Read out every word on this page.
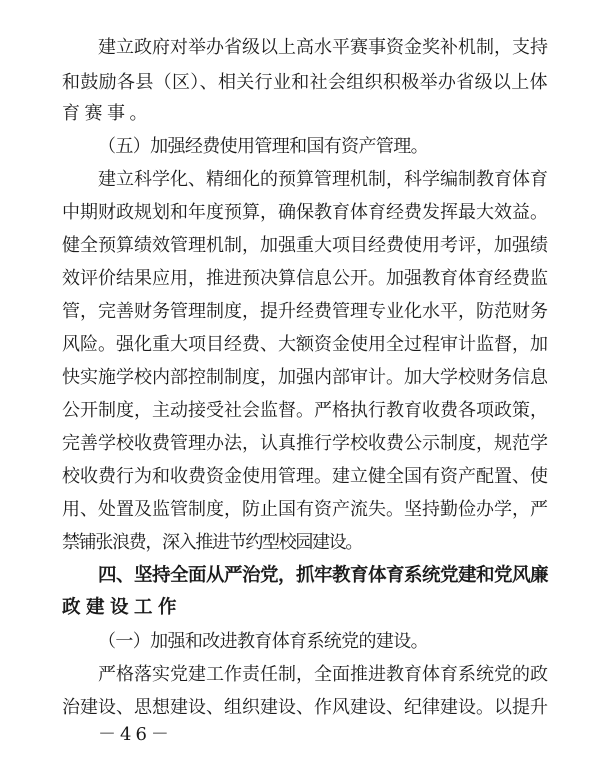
建立政府对举办省级以上高水平赛事资金奖补机制，支持
和鼓励各县（区）、相关行业和社会组织积极举办省级以上体
育赛事。
（五）加强经费使用管理和国有资产管理。
建立科学化、精细化的预算管理机制，科学编制教育体育
中期财政规划和年度预算，确保教育体育经费发挥最大效益。
健全预算绩效管理机制，加强重大项目经费使用考评，加强绩
效评价结果应用，推进预决算信息公开。加强教育体育经费监
管，完善财务管理制度，提升经费管理专业化水平，防范财务
风险。强化重大项目经费、大额资金使用全过程审计监督，加
快实施学校内部控制制度，加强内部审计。加大学校财务信息
公开制度，主动接受社会监督。严格执行教育收费各项政策，
完善学校收费管理办法，认真推行学校收费公示制度，规范学
校收费行为和收费资金使用管理。建立健全国有资产配置、使
用、处置及监管制度，防止国有资产流失。坚持勤俭办学，严
禁铺张浪费，深入推进节约型校园建设。
四、坚持全面从严治党，抓牢教育体育系统党建和党风廉
政建设工作
（一）加强和改进教育体育系统党的建设。
严格落实党建工作责任制，全面推进教育体育系统党的政
治建设、思想建设、组织建设、作风建设、纪律建设。以提升
－46－
